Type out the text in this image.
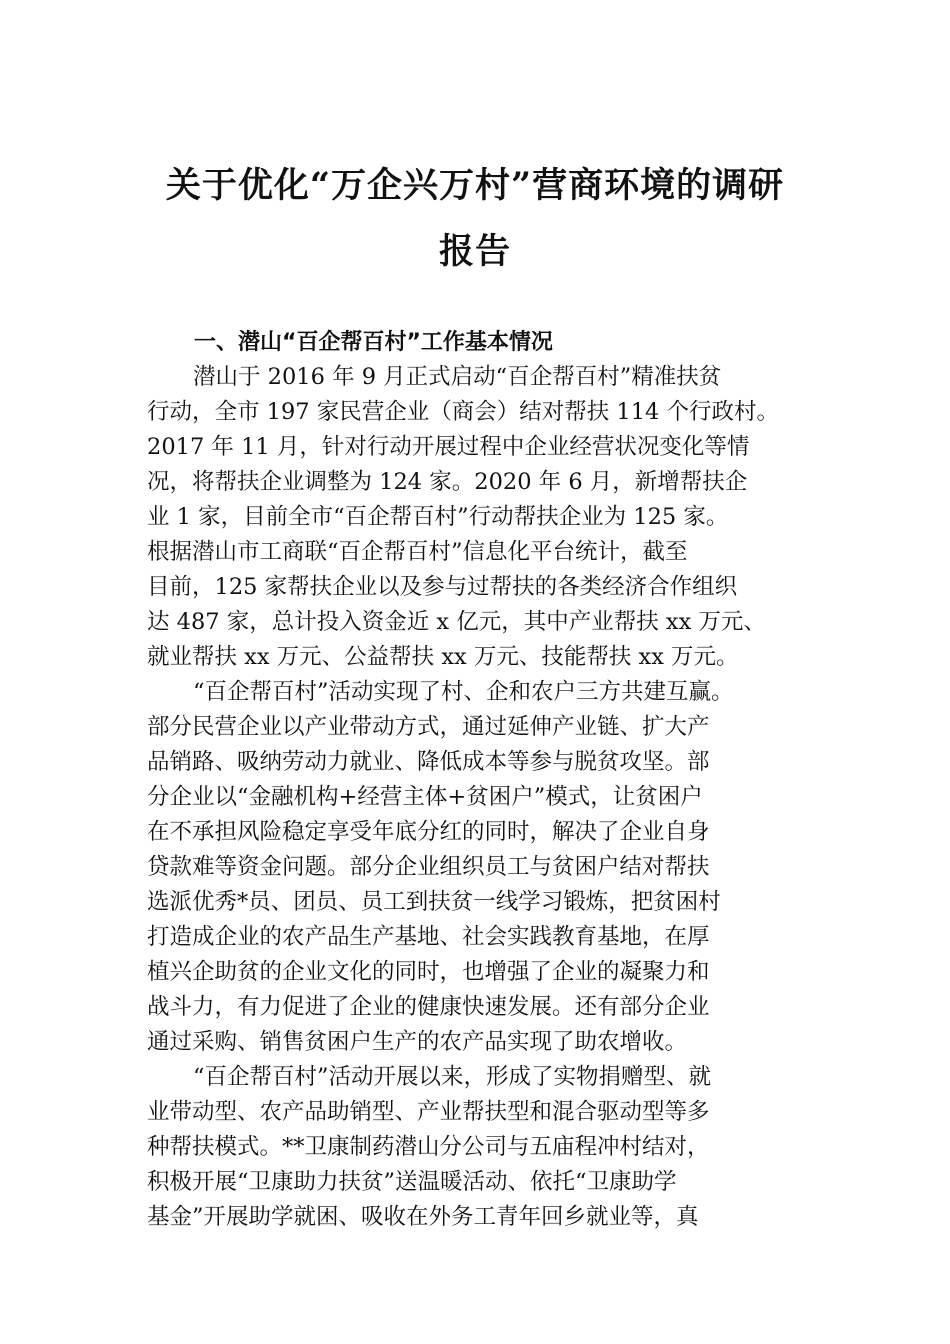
关于优化“万企兴万村”营商环境的调研
报告
一、潜山“百企帮百村”工作基本情况
潜山于 2016 年 9 月正式启动“百企帮百村”精准扶贫
行动，全市 197 家民营企业（商会）结对帮扶 114 个行政村。
2017 年 11 月，针对行动开展过程中企业经营状况变化等情
况，将帮扶企业调整为 124 家。2020 年 6 月，新增帮扶企
业 1 家，目前全市“百企帮百村”行动帮扶企业为 125 家。
根据潜山市工商联“百企帮百村”信息化平台统计，截至
目前，125 家帮扶企业以及参与过帮扶的各类经济合作组织
达 487 家，总计投入资金近 x 亿元，其中产业帮扶 xx 万元、
就业帮扶 xx 万元、公益帮扶 xx 万元、技能帮扶 xx 万元。
“百企帮百村”活动实现了村、企和农户三方共建互赢。
部分民营企业以产业带动方式，通过延伸产业链、扩大产
品销路、吸纳劳动力就业、降低成本等参与脱贫攻坚。部
分企业以“金融机构+经营主体+贫困户”模式，让贫困户
在不承担风险稳定享受年底分红的同时，解决了企业自身
贷款难等资金问题。部分企业组织员工与贫困户结对帮扶
选派优秀*员、团员、员工到扶贫一线学习锻炼，把贫困村
打造成企业的农产品生产基地、社会实践教育基地，在厚
植兴企助贫的企业文化的同时，也增强了企业的凝聚力和
战斗力，有力促进了企业的健康快速发展。还有部分企业
通过采购、销售贫困户生产的农产品实现了助农增收。
“百企帮百村”活动开展以来，形成了实物捐赠型、就
业带动型、农产品助销型、产业帮扶型和混合驱动型等多
种帮扶模式。**卫康制药潜山分公司与五庙程冲村结对，
积极开展“卫康助力扶贫”送温暖活动、依托“卫康助学
基金”开展助学就困、吸收在外务工青年回乡就业等，真
